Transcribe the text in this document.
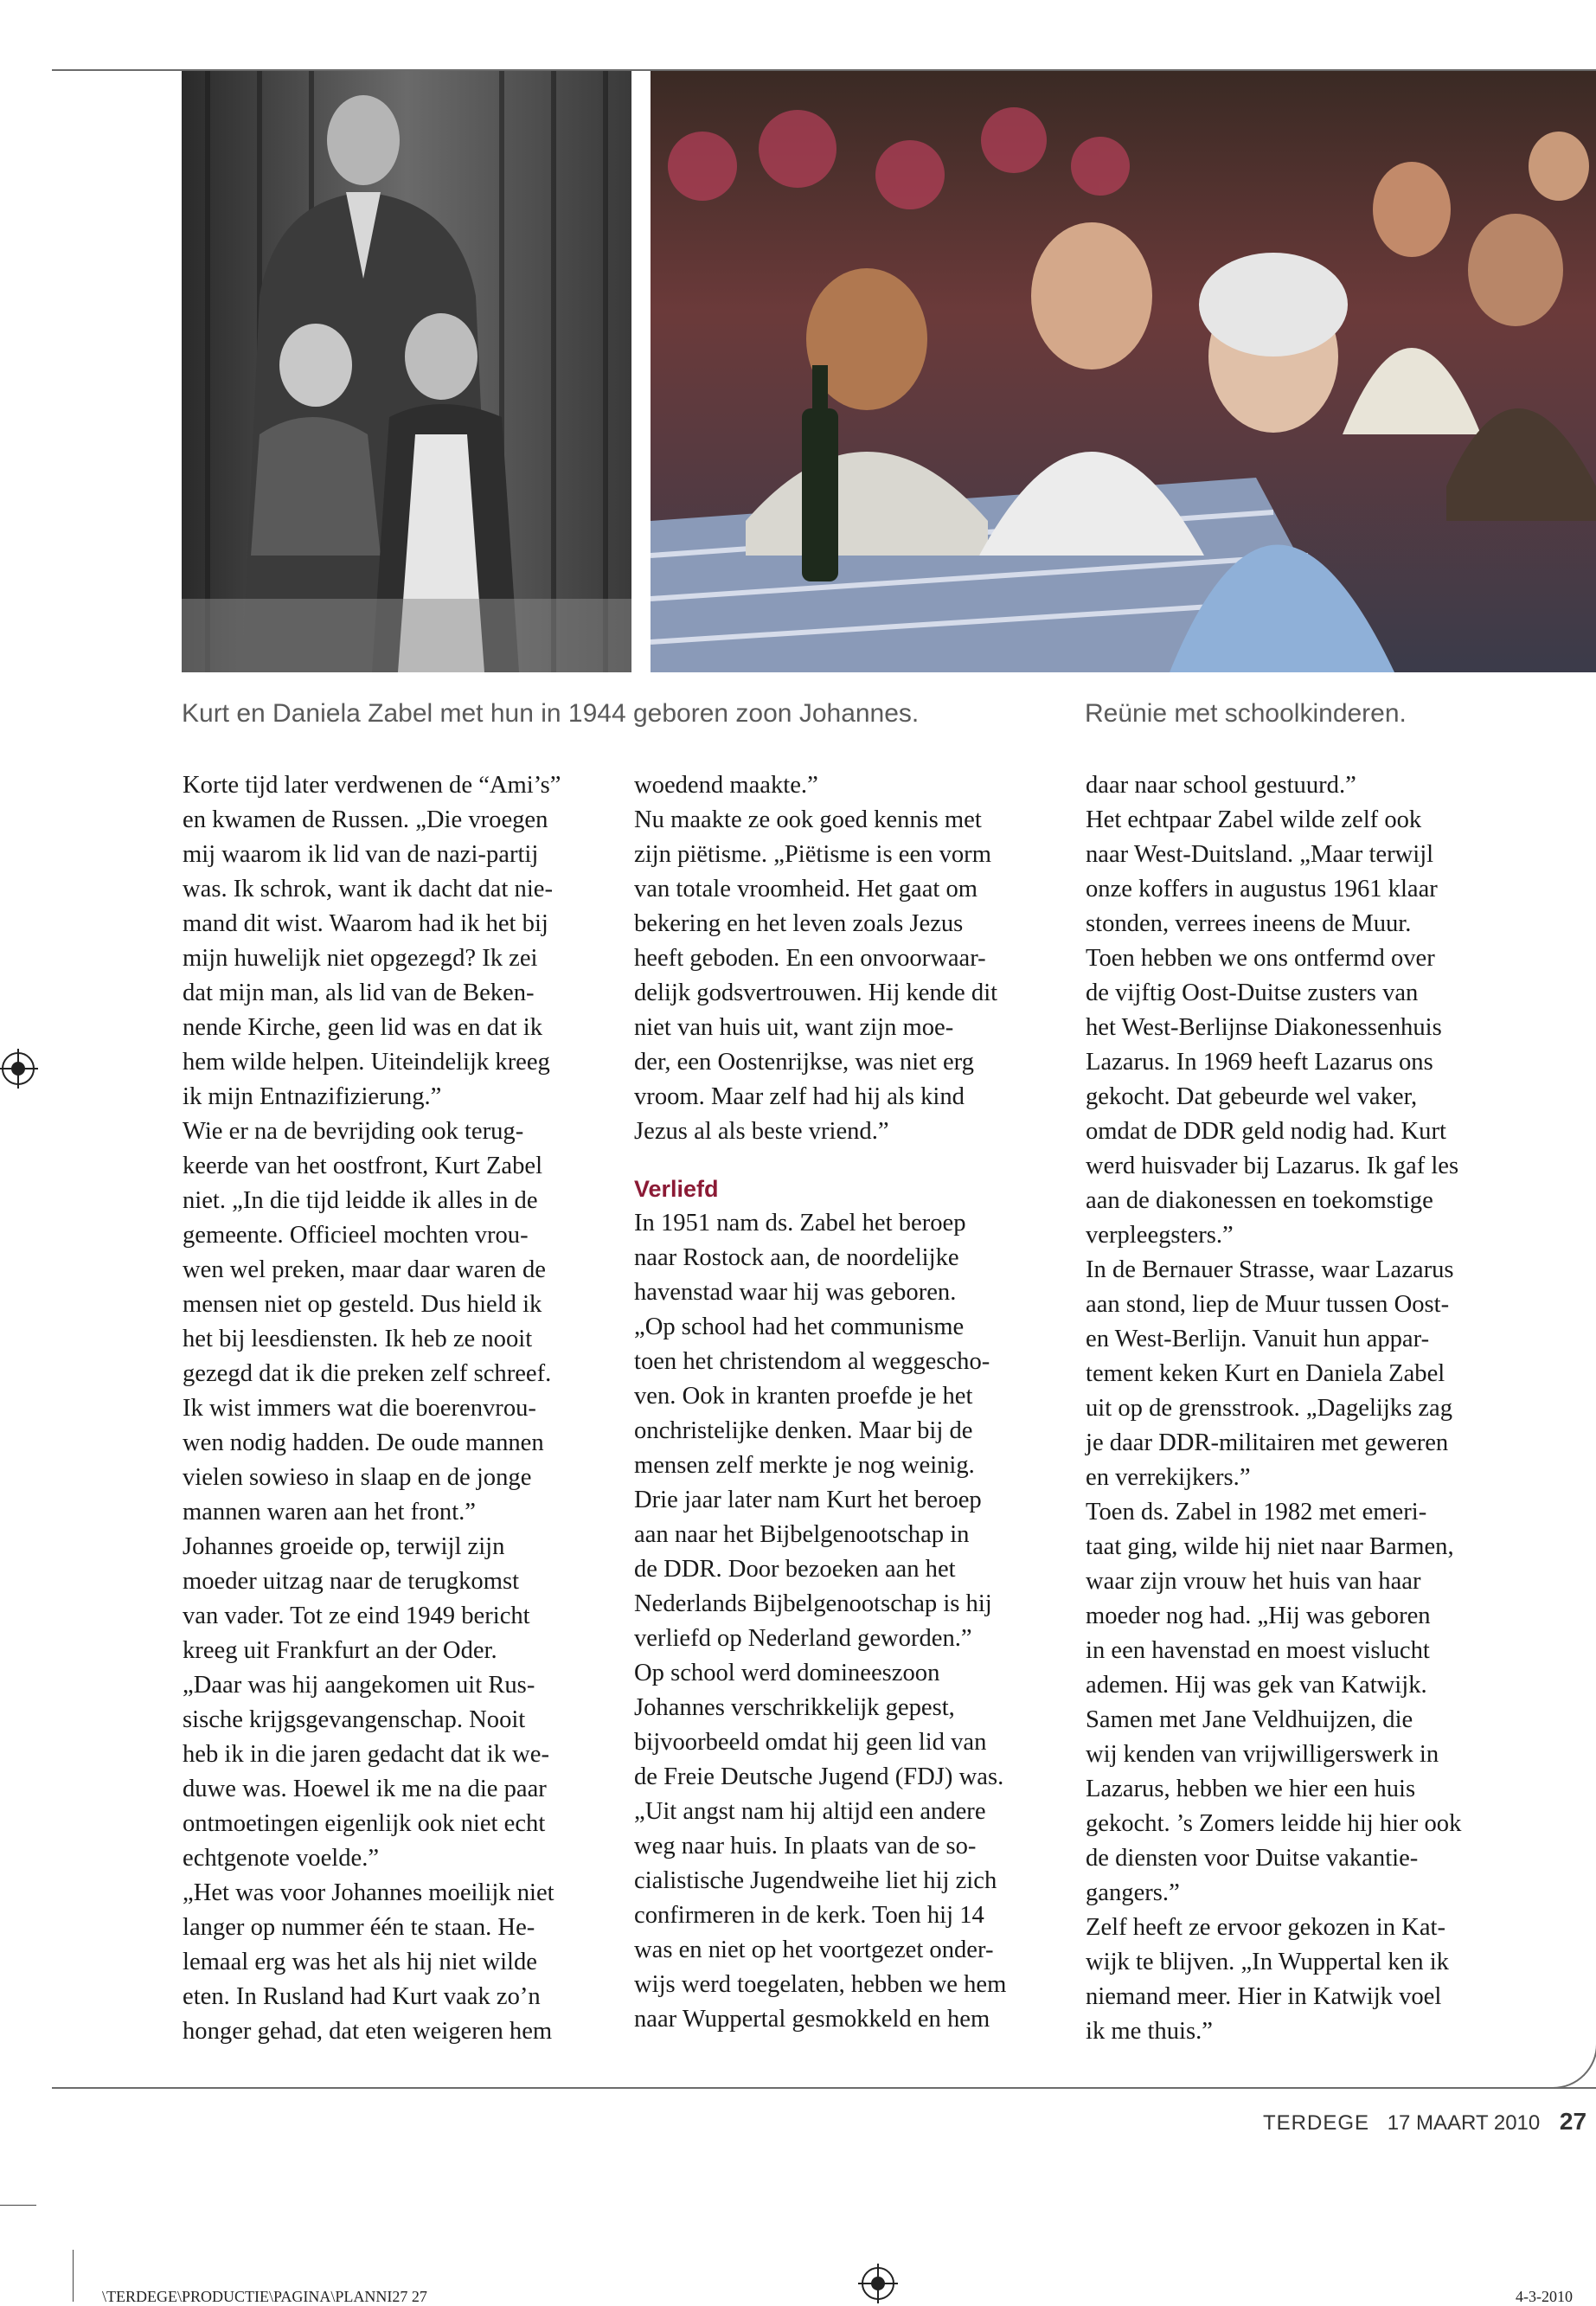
Kurt en Daniela Zabel met hun in 1944 geboren zoon Johannes.	Reünie met schoolkinderen.

Korte tijd later verdwenen de “Ami’s”

en kwamen de Russen. „Die vroegen

mij waarom ik lid van de nazi-partij

was. Ik schrok, want ik dacht dat nie-

mand dit wist. Waarom had ik het bij

mijn huwelijk niet opgezegd? Ik zei

dat mijn man, als lid van de Beken-

nende Kirche, geen lid was en dat ik

hem wilde helpen. Uiteindelijk kreeg

ik mijn Entnazifizierung.”

Wie er na de bevrijding ook terug-

keerde van het oostfront, Kurt Zabel

niet. „In die tijd leidde ik alles in de

gemeente. Officieel mochten vrou-

wen wel preken, maar daar waren de

mensen niet op gesteld. Dus hield ik

het bij leesdiensten. Ik heb ze nooit

gezegd dat ik die preken zelf schreef.

Ik wist immers wat die boerenvrou-

wen nodig hadden. De oude mannen

vielen sowieso in slaap en de jonge

mannen waren aan het front.”

Johannes groeide op, terwijl zijn

moeder uitzag naar de terugkomst

van vader. Tot ze eind 1949 bericht

kreeg uit Frankfurt an der Oder.

„Daar was hij aangekomen uit Rus-

sische krijgsgevangenschap. Nooit

heb ik in die jaren gedacht dat ik we-

duwe was. Hoewel ik me na die paar

ontmoetingen eigenlijk ook niet echt

echtgenote voelde.”

„Het was voor Johannes moeilijk niet

langer op nummer één te staan. He-

lemaal erg was het als hij niet wilde

eten. In Rusland had Kurt vaak zo’n

honger gehad, dat eten weigeren hem

woedend maakte.”

Nu maakte ze ook goed kennis met

zijn piëtisme. „Piëtisme is een vorm

van totale vroomheid. Het gaat om

bekering en het leven zoals Jezus

heeft geboden. En een onvoorwaar-

delijk godsvertrouwen. Hij kende dit

niet van huis uit, want zijn moe-

der, een Oostenrijkse, was niet erg

vroom. Maar zelf had hij als kind

Jezus al als beste vriend.”

Verliefd

In 1951 nam ds. Zabel het beroep

naar Rostock aan, de noordelijke

havenstad waar hij was geboren.

„Op school had het communisme

toen het christendom al weggescho-

ven. Ook in kranten proefde je het

onchristelijke denken. Maar bij de

mensen zelf merkte je nog weinig.

Drie jaar later nam Kurt het beroep

aan naar het Bijbelgenootschap in

de DDR. Door bezoeken aan het

Nederlands Bijbelgenootschap is hij

verliefd op Nederland geworden.”

Op school werd domineeszoon

Johannes verschrikkelijk gepest,

bijvoorbeeld omdat hij geen lid van

de Freie Deutsche Jugend (FDJ) was.

„Uit angst nam hij altijd een andere

weg naar huis. In plaats van de so-

cialistische Jugendweihe liet hij zich

confirmeren in de kerk. Toen hij 14

was en niet op het voortgezet onder-

wijs werd toegelaten, hebben we hem

naar Wuppertal gesmokkeld en hem

daar naar school gestuurd.”

Het echtpaar Zabel wilde zelf ook

naar West-Duitsland. „Maar terwijl

onze koffers in augustus 1961 klaar

stonden, verrees ineens de Muur.

Toen hebben we ons ontfermd over

de vijftig Oost-Duitse zusters van

het West-Berlijnse Diakonessenhuis

Lazarus. In 1969 heeft Lazarus ons

gekocht. Dat gebeurde wel vaker,

omdat de DDR geld nodig had. Kurt

werd huisvader bij Lazarus. Ik gaf les

aan de diakonessen en toekomstige

verpleegsters.”

In de Bernauer Strasse, waar Lazarus

aan stond, liep de Muur tussen Oost-

en West-Berlijn. Vanuit hun appar-

tement keken Kurt en Daniela Zabel

uit op de grensstrook. „Dagelijks zag

je daar DDR-militairen met geweren

en verrekijkers.”

Toen ds. Zabel in 1982 met emeri-

taat ging, wilde hij niet naar Barmen,

waar zijn vrouw het huis van haar

moeder nog had. „Hij was geboren

in een havenstad en moest vislucht

ademen. Hij was gek van Katwijk.

Samen met Jane Veldhuijzen, die

wij kenden van vrijwilligerswerk in

Lazarus, hebben we hier een huis

gekocht. ’s Zomers leidde hij hier ook

de diensten voor Duitse vakantie-

gangers.”

Zelf heeft ze ervoor gekozen in Kat-

wijk te blijven. „In Wuppertal ken ik

niemand meer. Hier in Katwijk voel

ik me thuis.”

TERDEGE 17 MAART 2010 27
\TERDEGE\PRODUCTIE\PAGINA\PLANNI27 27	4-3-2010
